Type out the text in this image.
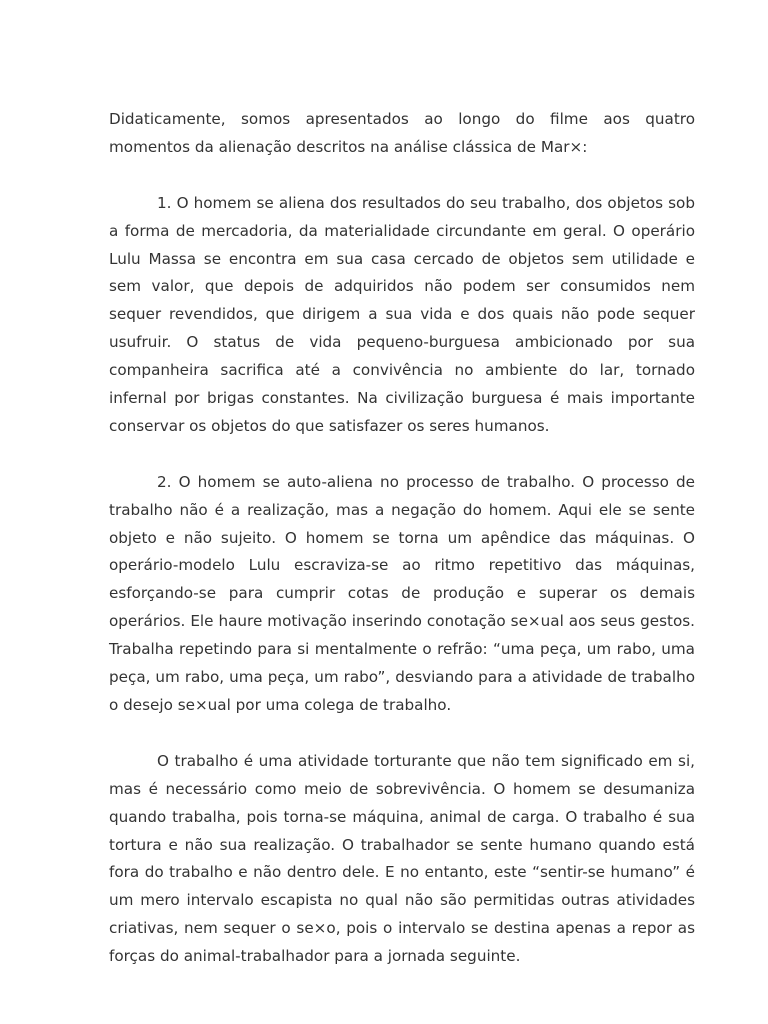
Didaticamente, somos apresentados ao longo do filme aos quatro momentos da alienação descritos na análise clássica de Mar×:

1. O homem se aliena dos resultados do seu trabalho, dos objetos sob a forma de mercadoria, da materialidade circundante em geral. O operário Lulu Massa se encontra em sua casa cercado de objetos sem utilidade e sem valor, que depois de adquiridos não podem ser consumidos nem sequer revendidos, que dirigem a sua vida e dos quais não pode sequer usufruir. O status de vida pequeno-burguesa ambicionado por sua companheira sacrifica até a convivência no ambiente do lar, tornado infernal por brigas constantes. Na civilização burguesa é mais importante conservar os objetos do que satisfazer os seres humanos.

2. O homem se auto-aliena no processo de trabalho. O processo de trabalho não é a realização, mas a negação do homem. Aqui ele se sente objeto e não sujeito. O homem se torna um apêndice das máquinas. O operário-modelo Lulu escraviza-se ao ritmo repetitivo das máquinas, esforçando-se para cumprir cotas de produção e superar os demais operários. Ele haure motivação inserindo conotação se×ual aos seus gestos. Trabalha repetindo para si mentalmente o refrão: “uma peça, um rabo, uma peça, um rabo, uma peça, um rabo”, desviando para a atividade de trabalho o desejo se×ual por uma colega de trabalho.

O trabalho é uma atividade torturante que não tem significado em si, mas é necessário como meio de sobrevivência. O homem se desumaniza quando trabalha, pois torna-se máquina, animal de carga. O trabalho é sua tortura e não sua realização. O trabalhador se sente humano quando está fora do trabalho e não dentro dele. E no entanto, este “sentir-se humano” é um mero intervalo escapista no qual não são permitidas outras atividades criativas, nem sequer o se×o, pois o intervalo se destina apenas a repor as forças do animal-trabalhador para a jornada seguinte.
